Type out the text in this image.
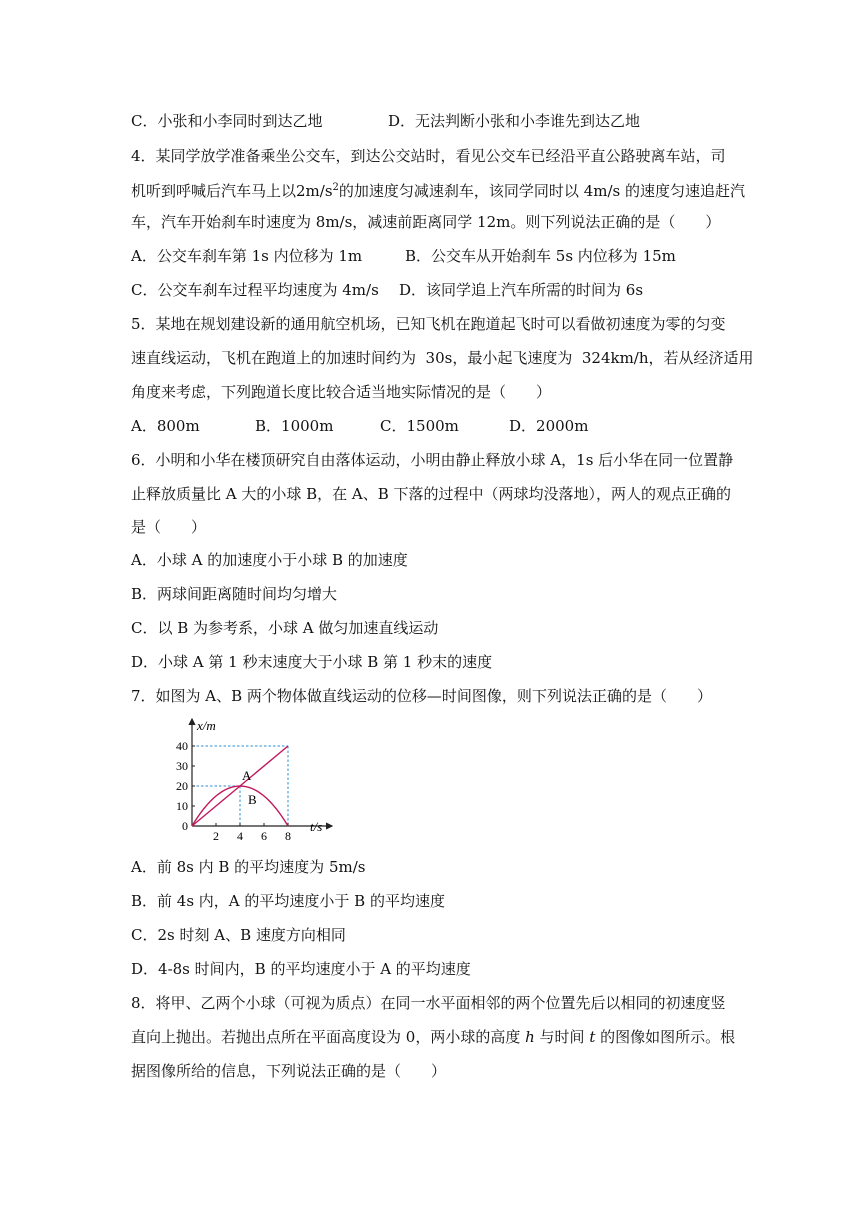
C．小张和小李同时到达乙地	D．无法判断小张和小李谁先到达乙地
4．某同学放学准备乘坐公交车，到达公交站时，看见公交车已经沿平直公路驶离车站，司
机听到呼喊后汽车马上以$2m/s^2$的加速度匀减速刹车，该同学同时以 4m/s 的速度匀速追赶汽
车，汽车开始刹车时速度为 8m/s，减速前距离同学 12m。则下列说法正确的是（　　）
A．公交车刹车第 1s 内位移为 1m	B．公交车从开始刹车 5s 内位移为 15m
C．公交车刹车过程平均速度为 4m/s D．该同学追上汽车所需的时间为 6s
5．某地在规划建设新的通用航空机场，已知飞机在跑道起飞时可以看做初速度为零的匀变
速直线运动，飞机在跑道上的加速时间约为  30s，最小起飞速度为  324km/h，若从经济适用
角度来考虑，下列跑道长度比较合适当地实际情况的是（　　）
A．800m	B．1000m	C．1500m	D．2000m
6．小明和小华在楼顶研究自由落体运动，小明由静止释放小球 A，1s 后小华在同一位置静
止释放质量比 A 大的小球 B，在 A、B 下落的过程中（两球均没落地），两人的观点正确的
是（　　）
A．小球 A 的加速度小于小球 B 的加速度
B．两球间距离随时间均匀增大
C．以 B 为参考系，小球 A 做匀加速直线运动
D．小球 A 第 1 秒末速度大于小球 B 第 1 秒末的速度
7．如图为 A、B 两个物体做直线运动的位移—时间图像，则下列说法正确的是（　　）
2 4 6 8
0
10
20
30
40
x/m
t/s
A
B
A．前 8s 内 B 的平均速度为 5m/s
B．前 4s 内，A 的平均速度小于 B 的平均速度
C．2s 时刻 A、B 速度方向相同
D．4-8s 时间内，B 的平均速度小于 A 的平均速度
8．将甲、乙两个小球（可视为质点）在同一水平面相邻的两个位置先后以相同的初速度竖
直向上抛出。若抛出点所在平面高度设为 0，两小球的高度 h 与时间 t 的图像如图所示。根
据图像所给的信息，下列说法正确的是（　　）
